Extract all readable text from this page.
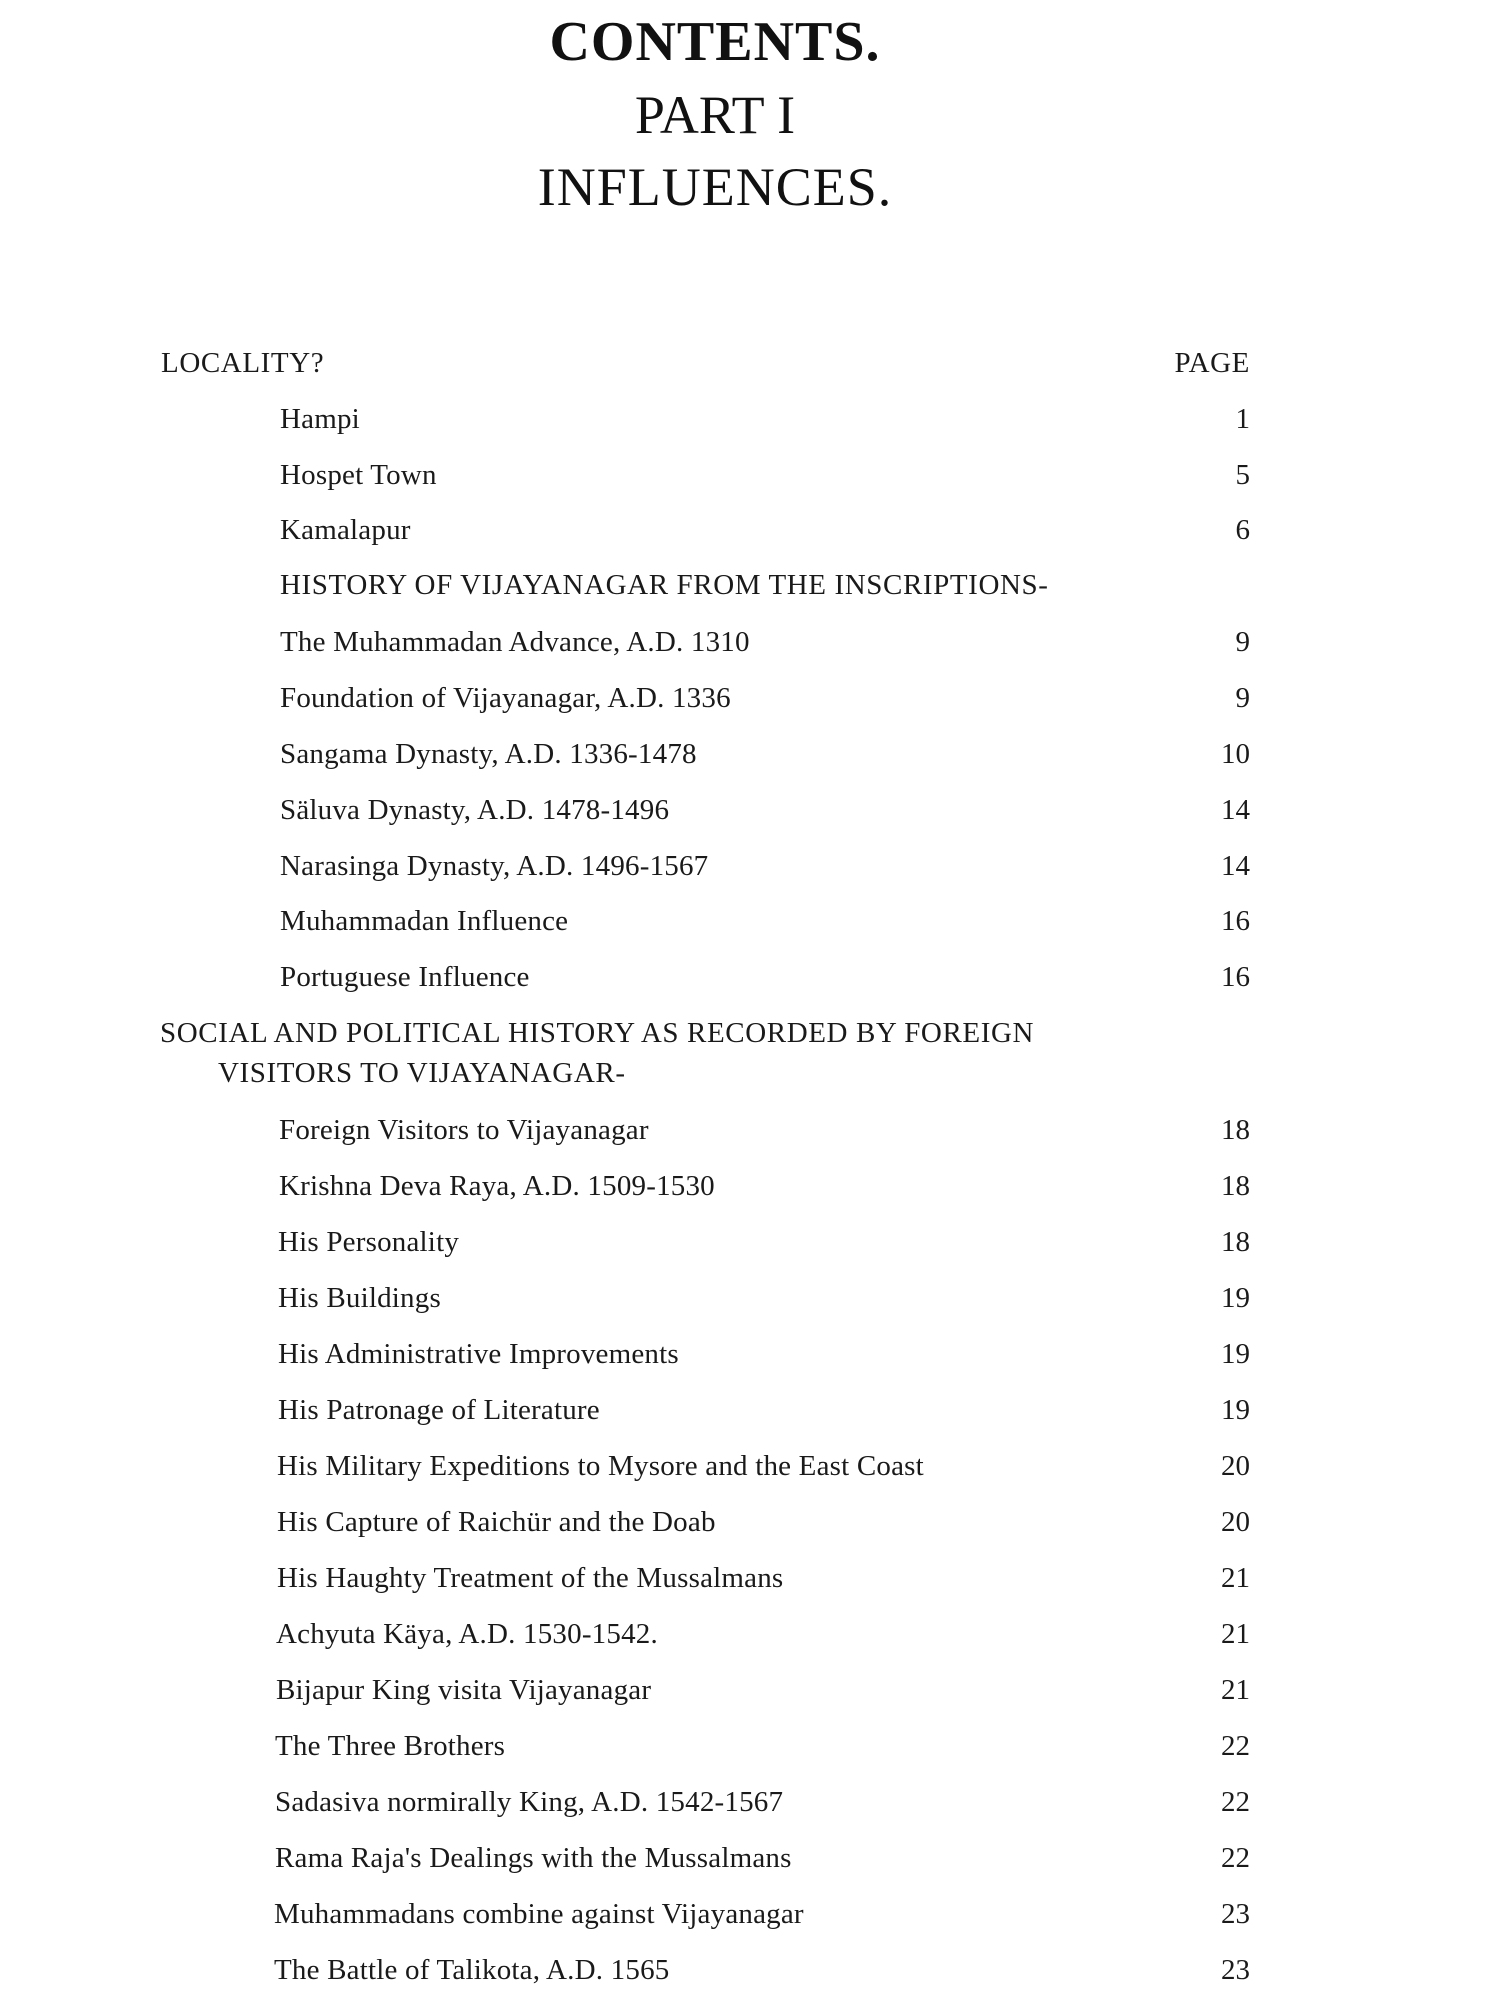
CONTENTS.
PART I
INFLUENCES.
LOCALITY?	PAGE
Hampi	1
Hospet Town	5
Kamalapur	6
HISTORY OF VIJAYANAGAR FROM THE INSCRIPTIONS-
The Muhammadan Advance, A.D. 1310	9
Foundation of Vijayanagar, A.D. 1336	9
Sangama Dynasty, A.D. 1336-1478	10
Säluva Dynasty, A.D. 1478-1496	14
Narasinga Dynasty, A.D. 1496-1567	14
Muhammadan Influence	16
Portuguese Influence	16
SOCIAL AND POLITICAL HISTORY AS RECORDED BY FOREIGN
VISITORS TO VIJAYANAGAR-
Foreign Visitors to Vijayanagar	18
Krishna Deva Raya, A.D. 1509-1530	18
His Personality	18
His Buildings	19
His Administrative Improvements	19
His Patronage of Literature	19
His Military Expeditions to Mysore and the East Coast	20
His Capture of Raichür and the Doab	20
His Haughty Treatment of the Mussalmans	21
Achyuta Käya, A.D. 1530-1542.	21
Bijapur King visita Vijayanagar	21
The Three Brothers	22
Sadasiva normirally King, A.D. 1542-1567	22
Rama Raja's Dealings with the Mussalmans	22
Muhammadans combine against Vijayanagar	23
The Battle of Talikota, A.D. 1565	23
